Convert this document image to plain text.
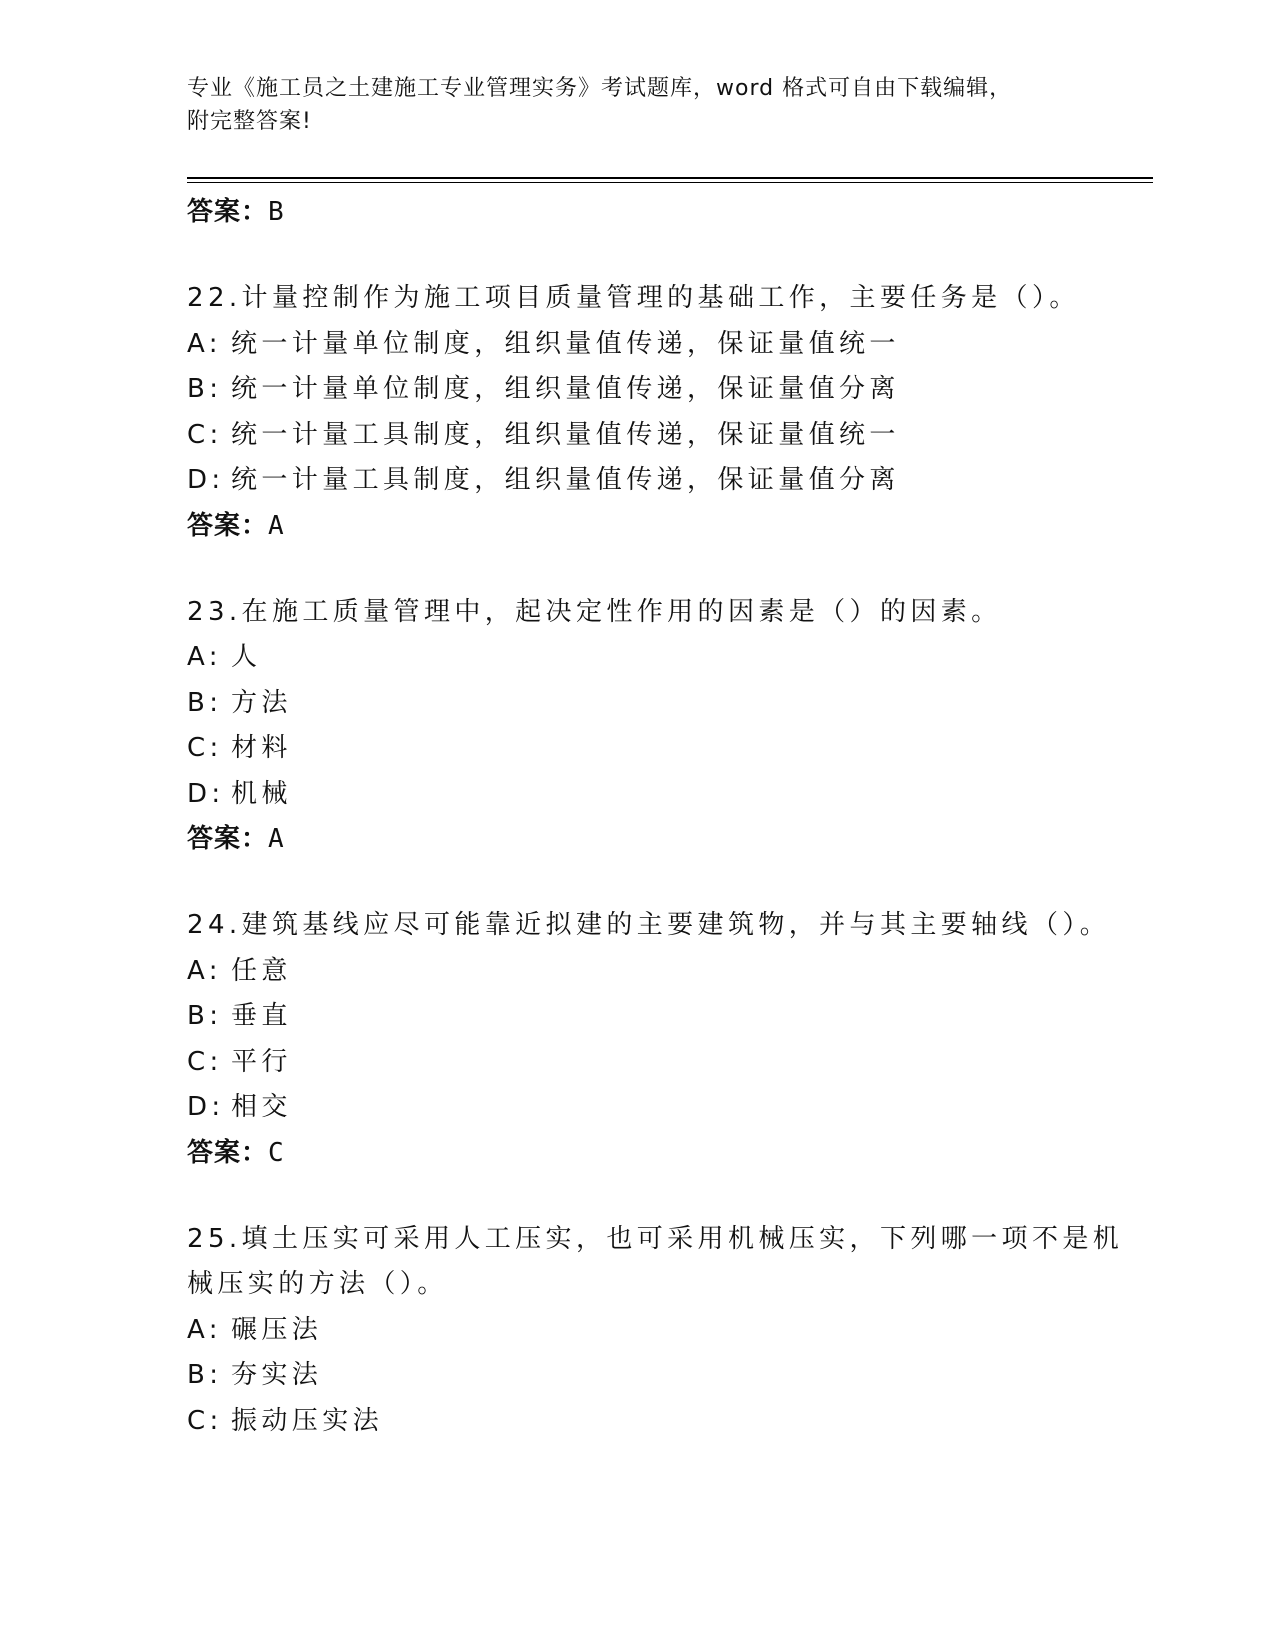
专业《施工员之土建施工专业管理实务》考试题库，word 格式可自由下载编辑，
附完整答案!
答案：B
22.计量控制作为施工项目质量管理的基础工作，主要任务是（）。
A: 统一计量单位制度，组织量值传递，保证量值统一
B: 统一计量单位制度，组织量值传递，保证量值分离
C: 统一计量工具制度，组织量值传递，保证量值统一
D: 统一计量工具制度，组织量值传递，保证量值分离
答案：A
23.在施工质量管理中，起决定性作用的因素是（）的因素。
A: 人
B: 方法
C: 材料
D: 机械
答案：A
24.建筑基线应尽可能靠近拟建的主要建筑物，并与其主要轴线（）。
A: 任意
B: 垂直
C: 平行
D: 相交
答案：C
25.填土压实可采用人工压实，也可采用机械压实，下列哪一项不是机
械压实的方法（）。
A: 碾压法
B: 夯实法
C: 振动压实法
